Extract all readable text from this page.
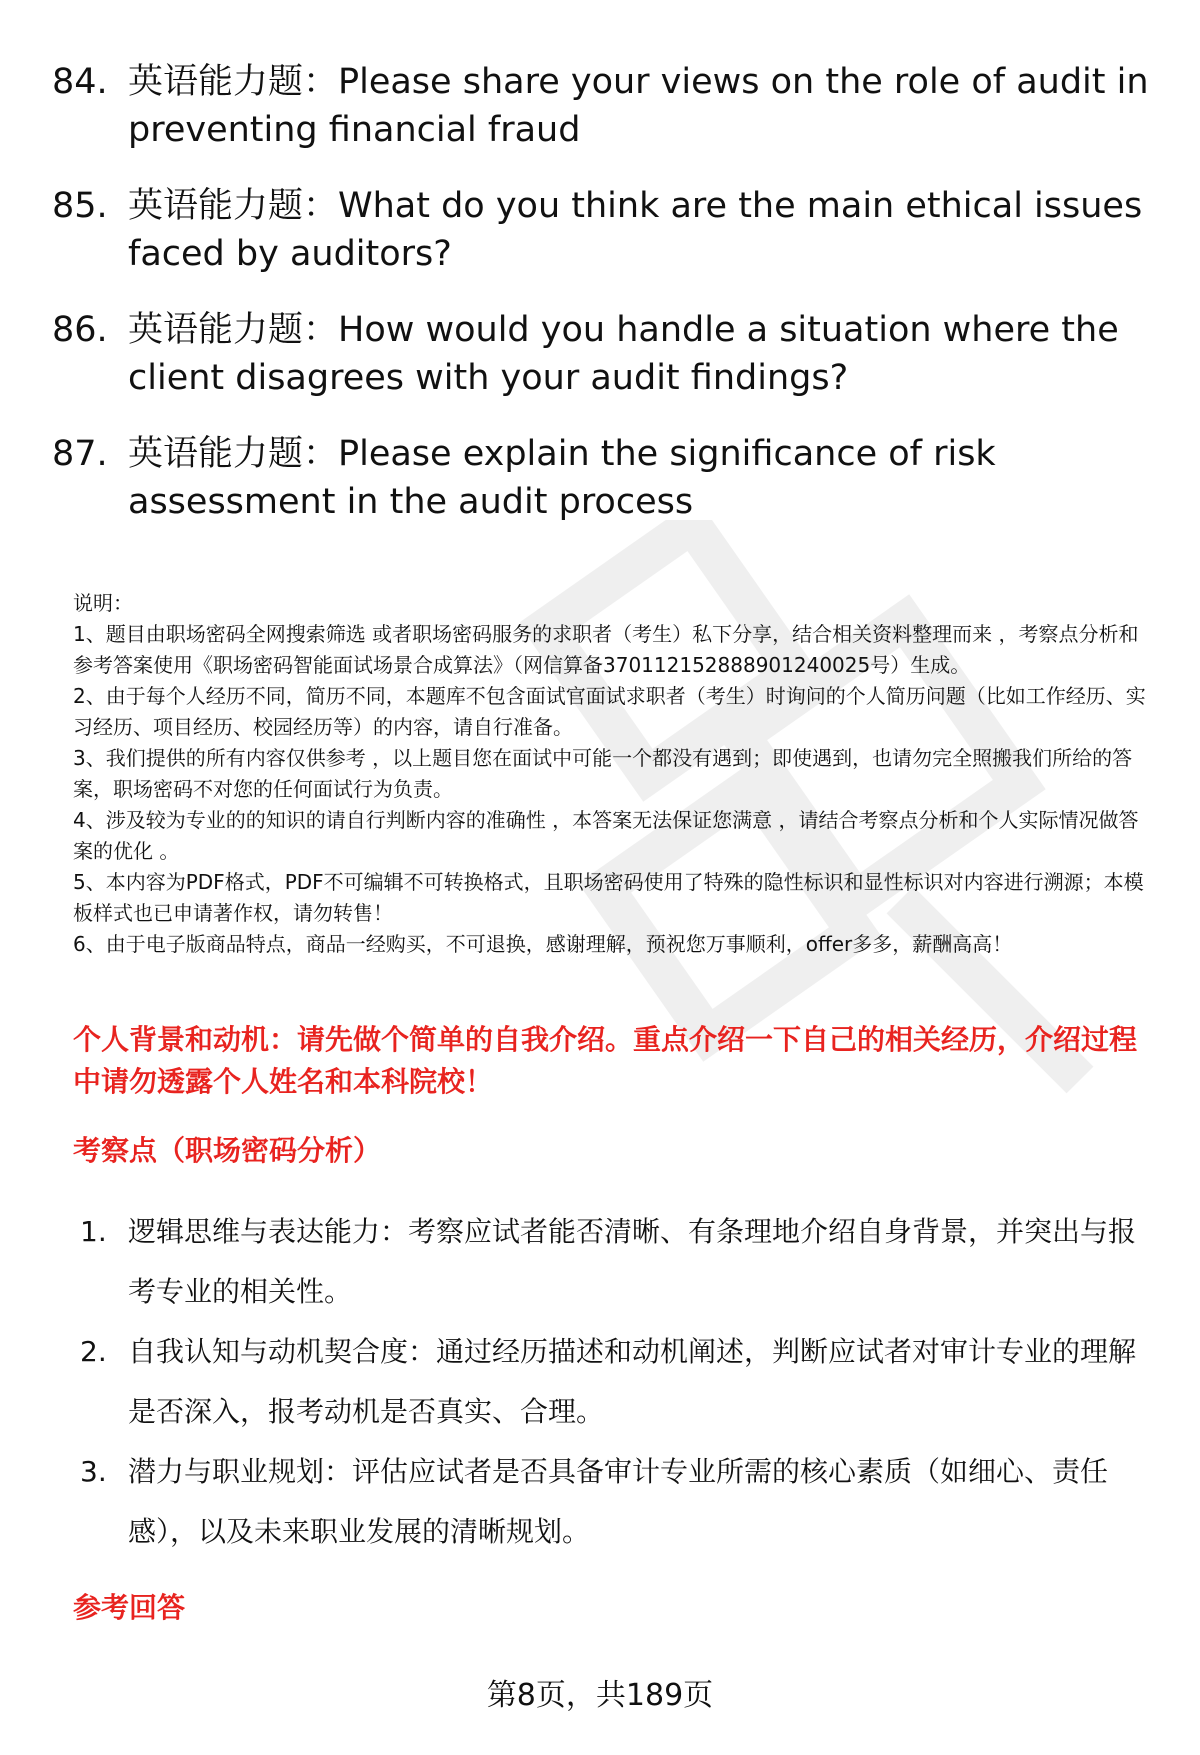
84. 英语能力题：Please share your views on the role of audit in preventing financial fraud
85. 英语能力题：What do you think are the main ethical issues faced by auditors?
86. 英语能力题：How would you handle a situation where the client disagrees with your audit findings?
87. 英语能力题：Please explain the significance of risk assessment in the audit process

说明：

1、题目由职场密码全网搜索筛选 或者职场密码服务的求职者（考生）私下分享，结合相关资料整理而来 ，考察点分析和参考答案使用《职场密码智能面试场景合成算法》（网信算备370112152888901240025号）生成。

2、由于每个人经历不同，简历不同，本题库不包含面试官面试求职者（考生）时询问的个人简历问题（比如工作经历、实习经历、项目经历、校园经历等）的内容，请自行准备。

3、我们提供的所有内容仅供参考 ，以上题目您在面试中可能一个都没有遇到；即使遇到，也请勿完全照搬我们所给的答案，职场密码不对您的任何面试行为负责。

4、涉及较为专业的的知识的请自行判断内容的准确性 ，本答案无法保证您满意 ，请结合考察点分析和个人实际情况做答案的优化 。

5、本内容为PDF格式，PDF不可编辑不可转换格式，且职场密码使用了特殊的隐性标识和显性标识对内容进行溯源；本模板样式也已申请著作权，请勿转售！

6、由于电子版商品特点，商品一经购买，不可退换，感谢理解，预祝您万事顺利，offer多多，薪酬高高！

个人背景和动机：请先做个简单的自我介绍。重点介绍一下自己的相关经历，介绍过程中请勿透露个人姓名和本科院校！
考察点（职场密码分析）
1. 逻辑思维与表达能力：考察应试者能否清晰、有条理地介绍自身背景，并突出与报考专业的相关性。
2. 自我认知与动机契合度：通过经历描述和动机阐述，判断应试者对审计专业的理解是否深入，报考动机是否真实、合理。
3. 潜力与职业规划：评估应试者是否具备审计专业所需的核心素质（如细心、责任感），以及未来职业发展的清晰规划。
参考回答
第8页，共189页
